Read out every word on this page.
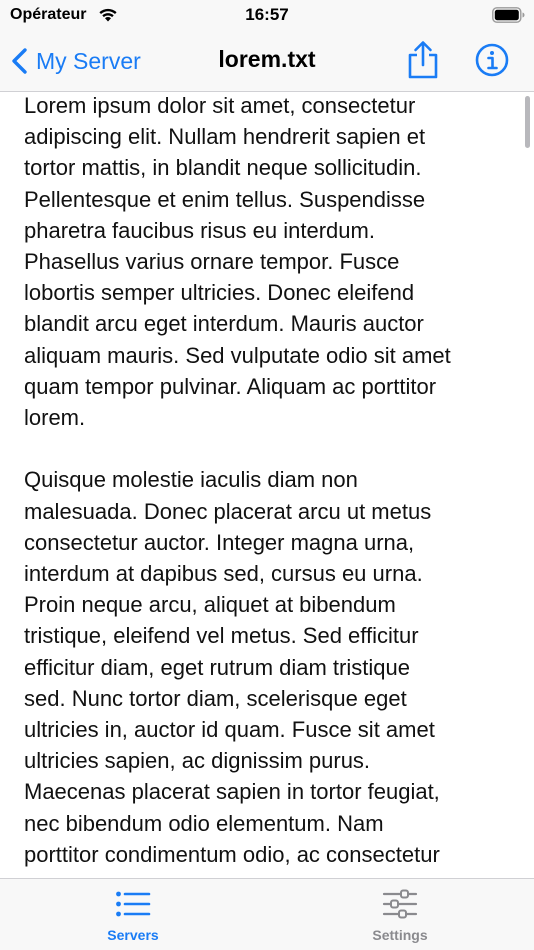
Opérateur	16:57
My Server	lorem.txt

Lorem ipsum dolor sit amet, consectetur
adipiscing elit. Nullam hendrerit sapien et
tortor mattis, in blandit neque sollicitudin.
Pellentesque et enim tellus. Suspendisse
pharetra faucibus risus eu interdum.
Phasellus varius ornare tempor. Fusce
lobortis semper ultricies. Donec eleifend
blandit arcu eget interdum. Mauris auctor
aliquam mauris. Sed vulputate odio sit amet
quam tempor pulvinar. Aliquam ac porttitor
lorem.

Quisque molestie iaculis diam non
malesuada. Donec placerat arcu ut metus
consectetur auctor. Integer magna urna,
interdum at dapibus sed, cursus eu urna.
Proin neque arcu, aliquet at bibendum
tristique, eleifend vel metus. Sed efficitur
efficitur diam, eget rutrum diam tristique
sed. Nunc tortor diam, scelerisque eget
ultricies in, auctor id quam. Fusce sit amet
ultricies sapien, ac dignissim purus.
Maecenas placerat sapien in tortor feugiat,
nec bibendum odio elementum. Nam
porttitor condimentum odio, ac consectetur

Servers	Settings
